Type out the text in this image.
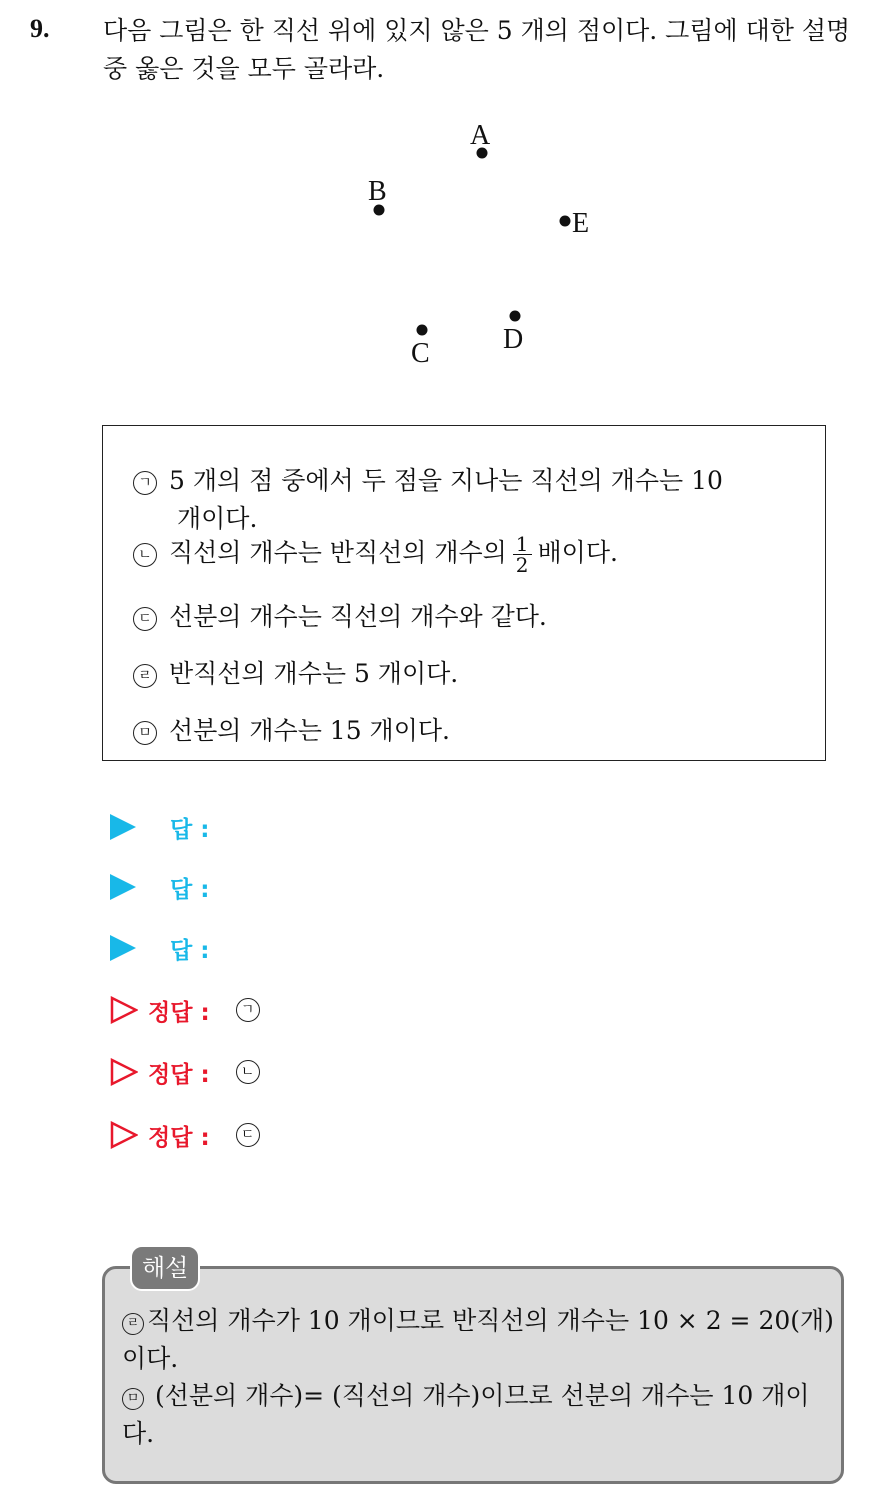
9. 다음 그림은 한 직선 위에 있지 않은 5 개의 점이다. 그림에 대한 설명
중 옳은 것을 모두 골라라.
A
B
E
C	D
ㄱ 5 개의 점 중에서 두 점을 지나는 직선의 개수는 10
개이다.
ㄴ 직선의 개수는 반직선의 개수의 $\frac{1}{2}$ 배이다.
ㄷ 선분의 개수는 직선의 개수와 같다.
ㄹ 반직선의 개수는 5 개이다.
ㅁ 선분의 개수는 15 개이다.
답 :
답 :
답 :
정답 :	ㄱ
정답 :	ㄴ
정답 :	ㄷ
해설
ㄹ 직선의 개수가 10 개이므로 반직선의 개수는 10 × 2 = 20(개)
이다.
ㅁ (선분의 개수)= (직선의 개수)이므로 선분의 개수는 10 개이
다.
